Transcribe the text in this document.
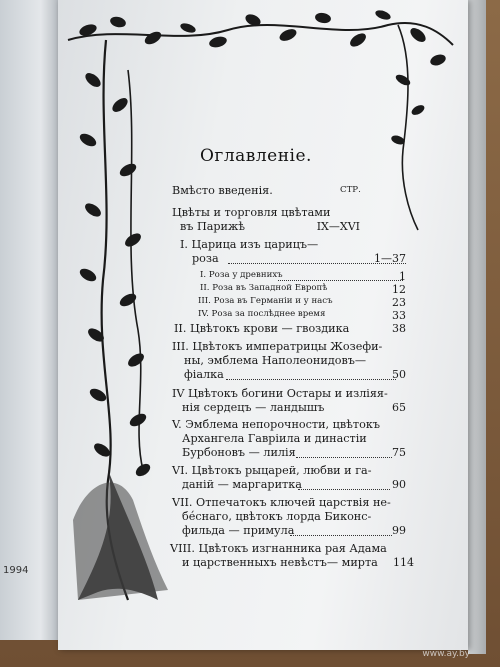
1994
Оглавленіе.
Вмѣсто введенія.	СТР.
Цвѣты и торговля цвѣтами
въ Парижѣ	IX—XVI
I. Царица изъ царицъ—
роза	1—37
I. Роза у древнихъ	1
II. Роза въ Западной Европѣ	12
III. Роза въ Германіи и у насъ	23
IV. Роза за послѣднее время	33
II. Цвѣтокъ крови — гвоздика	38
III. Цвѣтокъ императрицы Жозефи-
ны, эмблема Наполеонидовъ—
фіалка	50
IV Цвѣтокъ богини Остары и изліяя-
нія сердецъ — ландышъ	65
V. Эмблема непорочности, цвѣтокъ
Архангела Гавріила и династіи
Бурбоновъ — лилія	75
VI. Цвѣтокъ рыцарей, любви и га-
даній — маргаритка	90
VII. Отпечатокъ ключей царствія не-
бéснаго, цвѣтокъ лорда Биконс-
фильда — примула	99
VIII. Цвѣтокъ изгнанника рая Адама
и царственныхъ невѣстъ— мирта	114
www.ay.by
